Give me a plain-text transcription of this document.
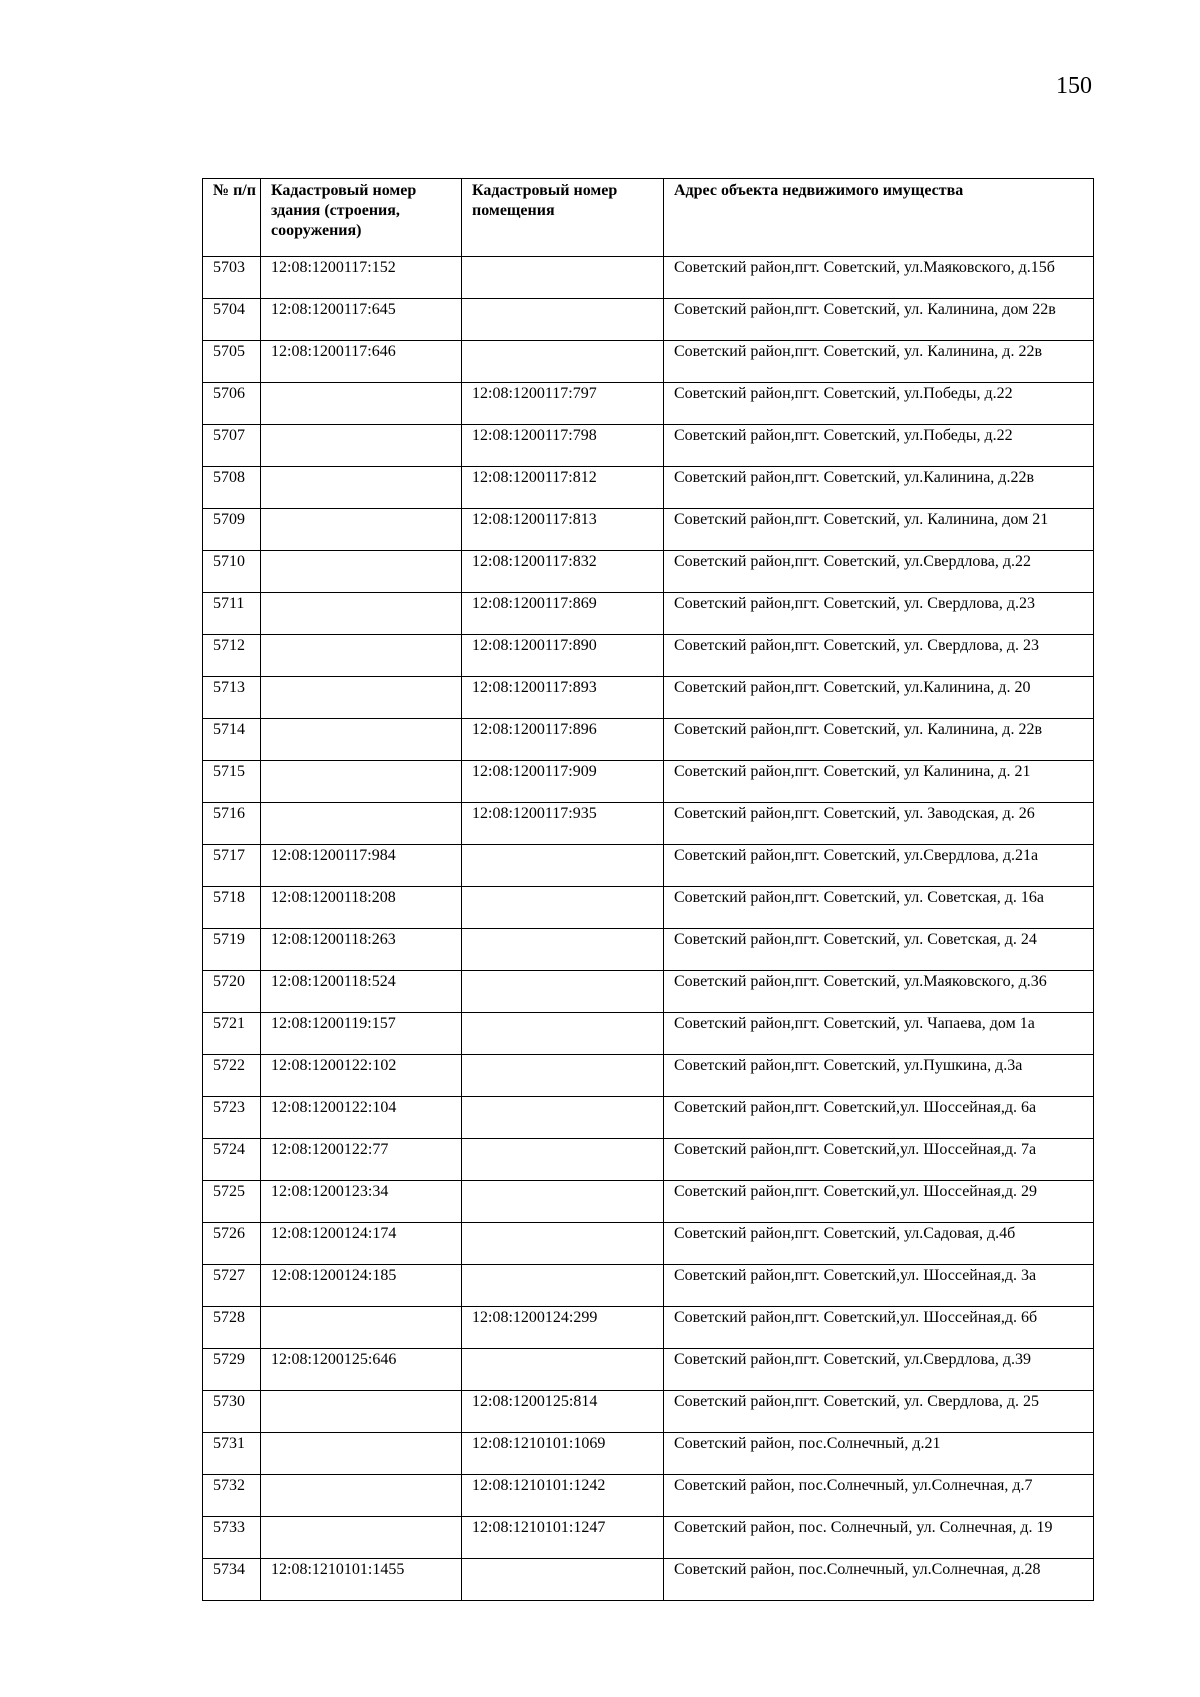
150
№ п/п	Кадастровый номер здания (строения, сооружения)	Кадастровый номер помещения	Адрес объекта недвижимого имущества
5703	12:08:1200117:152		Советский район,пгт. Советский, ул.Маяковского, д.15б
5704	12:08:1200117:645		Советский район,пгт. Советский, ул. Калинина, дом 22в
5705	12:08:1200117:646		Советский район,пгт. Советский, ул. Калинина, д. 22в
5706		12:08:1200117:797	Советский район,пгт. Советский, ул.Победы, д.22
5707		12:08:1200117:798	Советский район,пгт. Советский, ул.Победы, д.22
5708		12:08:1200117:812	Советский район,пгт. Советский, ул.Калинина, д.22в
5709		12:08:1200117:813	Советский район,пгт. Советский, ул. Калинина, дом 21
5710		12:08:1200117:832	Советский район,пгт. Советский, ул.Свердлова, д.22
5711		12:08:1200117:869	Советский район,пгт. Советский, ул. Свердлова, д.23
5712		12:08:1200117:890	Советский район,пгт. Советский, ул. Свердлова, д. 23
5713		12:08:1200117:893	Советский район,пгт. Советский, ул.Калинина, д. 20
5714		12:08:1200117:896	Советский район,пгт. Советский, ул. Калинина, д. 22в
5715		12:08:1200117:909	Советский район,пгт. Советский, ул Калинина, д. 21
5716		12:08:1200117:935	Советский район,пгт. Советский, ул. Заводская, д. 26
5717	12:08:1200117:984		Советский район,пгт. Советский, ул.Свердлова, д.21а
5718	12:08:1200118:208		Советский район,пгт. Советский, ул. Советская, д. 16а
5719	12:08:1200118:263		Советский район,пгт. Советский, ул. Советская, д. 24
5720	12:08:1200118:524		Советский район,пгт. Советский, ул.Маяковского, д.36
5721	12:08:1200119:157		Советский район,пгт. Советский, ул. Чапаева, дом 1а
5722	12:08:1200122:102		Советский район,пгт. Советский, ул.Пушкина, д.3а
5723	12:08:1200122:104		Советский район,пгт. Советский,ул. Шоссейная,д. 6а
5724	12:08:1200122:77		Советский район,пгт. Советский,ул. Шоссейная,д. 7а
5725	12:08:1200123:34		Советский район,пгт. Советский,ул. Шоссейная,д. 29
5726	12:08:1200124:174		Советский район,пгт. Советский, ул.Садовая, д.4б
5727	12:08:1200124:185		Советский район,пгт. Советский,ул. Шоссейная,д. 3а
5728		12:08:1200124:299	Советский район,пгт. Советский,ул. Шоссейная,д. 6б
5729	12:08:1200125:646		Советский район,пгт. Советский, ул.Свердлова, д.39
5730		12:08:1200125:814	Советский район,пгт. Советский, ул. Свердлова, д. 25
5731		12:08:1210101:1069	Советский район, пос.Солнечный, д.21
5732		12:08:1210101:1242	Советский район, пос.Солнечный, ул.Солнечная, д.7
5733		12:08:1210101:1247	Советский район, пос. Солнечный, ул. Солнечная, д. 19
5734	12:08:1210101:1455		Советский район, пос.Солнечный, ул.Солнечная, д.28
